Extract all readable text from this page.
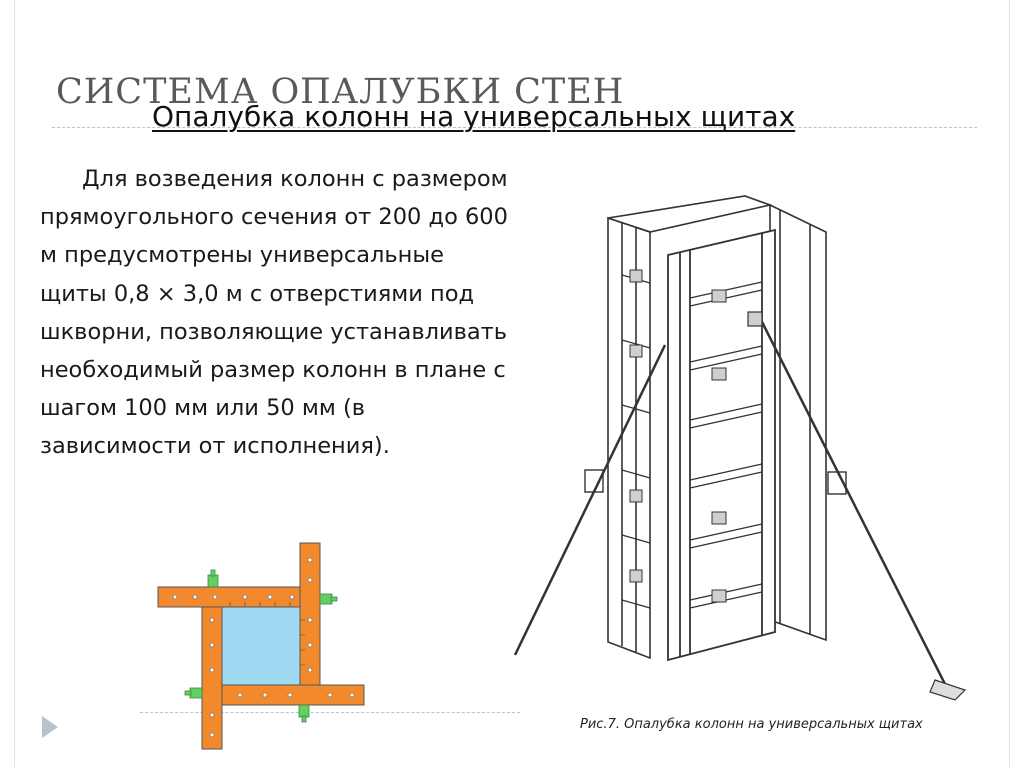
СИСТЕМА ОПАЛУБКИ СТЕН
Опалубка колонн на универсальных щитах

Для возведения колонн с размером прямоугольного сечения от 200 до 600 м предусмотрены универсальные щиты 0,8 × 3,0 м с отверстиями под шкворни, позволяющие устанавливать необходимый размер колонн в плане с шагом 100 мм или 50 мм (в зависимости от исполнения).

Рис.7. Опалубка колонн на универсальных щитах
